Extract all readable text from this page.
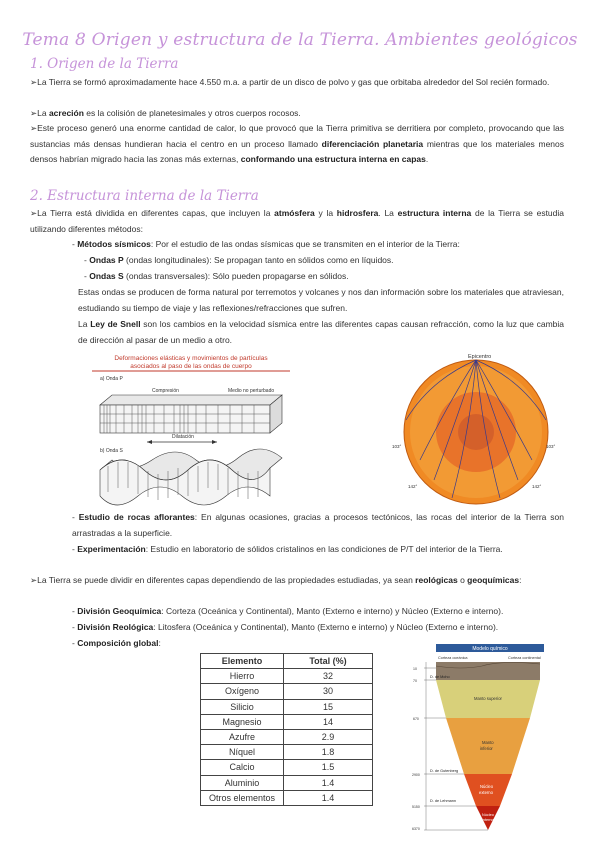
Tema 8 Origen y estructura de la Tierra. Ambientes geológicos
1. Origen de la Tierra
➢La Tierra se formó aproximadamente hace 4.550 m.a. a partir de un disco de polvo y gas que orbitaba alrededor del Sol recién formado.
➢La acreción es la colisión de planetesimales y otros cuerpos rocosos.
➢Este proceso generó una enorme cantidad de calor, lo que provocó que la Tierra primitiva se derritiera por completo, provocando que las sustancias más densas hundieran hacia el centro en un proceso llamado diferenciación planetaria mientras que los materiales menos densos habrían migrado hacia las zonas más externas, conformando una estructura interna en capas.
2. Estructura interna de la Tierra
➢La Tierra está dividida en diferentes capas, que incluyen la atmósfera y la hidrosfera. La estructura interna de la Tierra se estudia utilizando diferentes métodos:
- Métodos sísmicos: Por el estudio de las ondas sísmicas que se transmiten en el interior de la Tierra:
- Ondas P (ondas longitudinales): Se propagan tanto en sólidos como en líquidos.
- Ondas S (ondas transversales): Sólo pueden propagarse en sólidos.
Estas ondas se producen de forma natural por terremotos y volcanes y nos dan información sobre los materiales que atraviesan, estudiando su tiempo de viaje y las reflexiones/refracciones que sufren.
La Ley de Snell son los cambios en la velocidad sísmica entre las diferentes capas causan refracción, como la luz que cambia de dirección al pasar de un medio a otro.
Deformaciones elásticas y movimientos de partículas
asociados al paso de las ondas de cuerpo
a) Onda P
Compresión	Medio no perturbado
Dilatación
b) Onda S
Epicentro
103°	103°
142°	142°
- Estudio de rocas aflorantes: En algunas ocasiones, gracias a procesos tectónicos, las rocas del interior de la Tierra son arrastradas a la superficie.
- Experimentación: Estudio en laboratorio de sólidos cristalinos en las condiciones de P/T del interior de la Tierra.
➢La Tierra se puede dividir en diferentes capas dependiendo de las propiedades estudiadas, ya sean reológicas o geoquímicas:
- División Geoquímica: Corteza (Oceánica y Continental), Manto (Externo e interno) y Núcleo (Externo e interno).
- División Reológica: Litosfera (Oceánica y Continental), Manto (Externo e interno) y Núcleo (Externo e interno).
- Composición global:
Elemento	Total (%)
Hierro	32
Oxígeno	30
Silicio	15
Magnesio	14
Azufre	2.9
Níquel	1.8
Calcio	1.5
Aluminio	1.4
Otros elementos	1.4
Modelo químico
Corteza oceánica	Corteza continental
10
70
670
2900
5150
6370
D. de Moho
Manto superior
Manto
inferior
D. de Gutenberg
Núcleo
externo
D. de Lehmann
Núcleo
interno
